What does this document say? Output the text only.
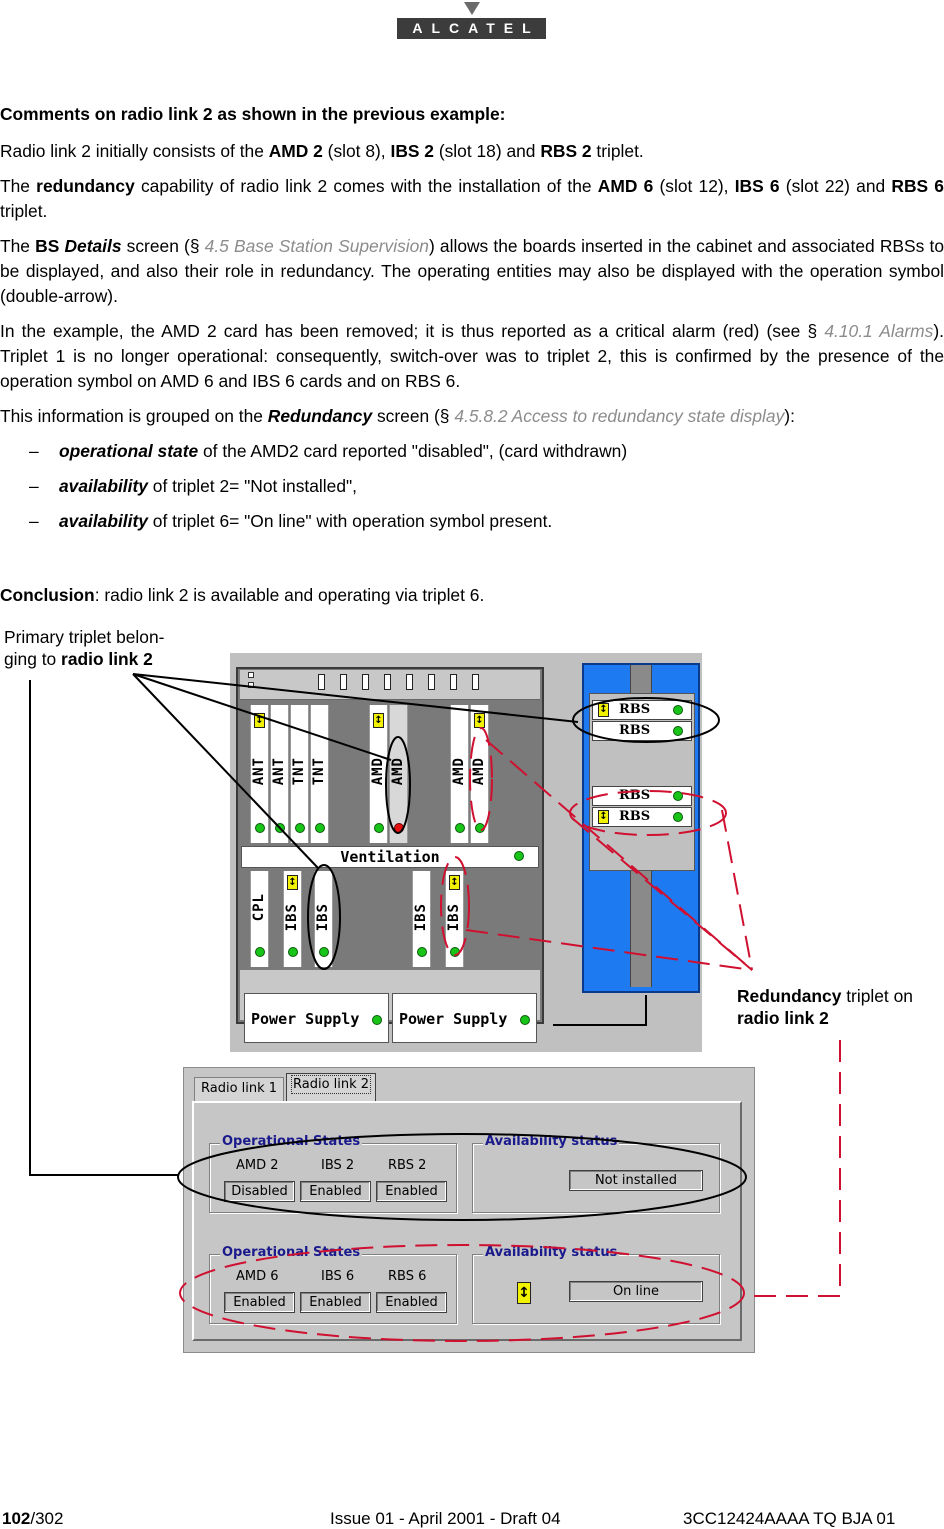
ALCATEL

Comments on radio link 2 as shown in the previous example:

Radio link 2 initially consists of the AMD 2 (slot 8), IBS 2 (slot 18) and RBS 2 triplet.

The redundancy capability of radio link 2 comes with the installation of the AMD 6 (slot 12), IBS 6 (slot 22) and RBS 6 triplet.

The BS Details screen (§ 4.5 Base Station Supervision) allows the boards inserted in the cabinet and associated RBSs to be displayed, and also their role in redundancy. The operating entities may also be displayed with the operation symbol (double-arrow).

In the example, the AMD 2 card has been removed; it is thus reported as a critical alarm (red) (see § 4.10.1 Alarms). Triplet 1 is no longer operational: consequently, switch-over was to triplet 2, this is confirmed by the presence of the operation symbol on AMD 6 and IBS 6 cards and on RBS 6.

This information is grouped on the Redundancy screen (§ 4.5.8.2 Access to redundancy state display):

– operational state of the AMD2 card reported "disabled", (card withdrawn)
– availability of triplet 2= "Not installed",
– availability of triplet 6= "On line" with operation symbol present.
Conclusion: radio link 2 is available and operating via triplet 6.
Primary triplet belon-
ging to radio link 2
Redundancy triplet on
radio link 2
↕
ANT ANT TNT TNT
↕
AMD AMD	AMD
↕
AMD
Ventilation
CPL
↕
IBS IBS	IBS
↕
IBS
Power Supply	Power Supply
↕ RBS
RBS
RBS
↕ RBS
Radio link 1	Radio link 2
Operational States
AMD 2	IBS 2	RBS 2
Disabled	Enabled	Enabled
Availability status
Not installed
Operational States
AMD 6	IBS 6	RBS 6
Enabled	Enabled	Enabled
Availability status
↕	On line
102/302	Issue 01 - April 2001 - Draft 04	3CC12424AAAA TQ BJA 01
